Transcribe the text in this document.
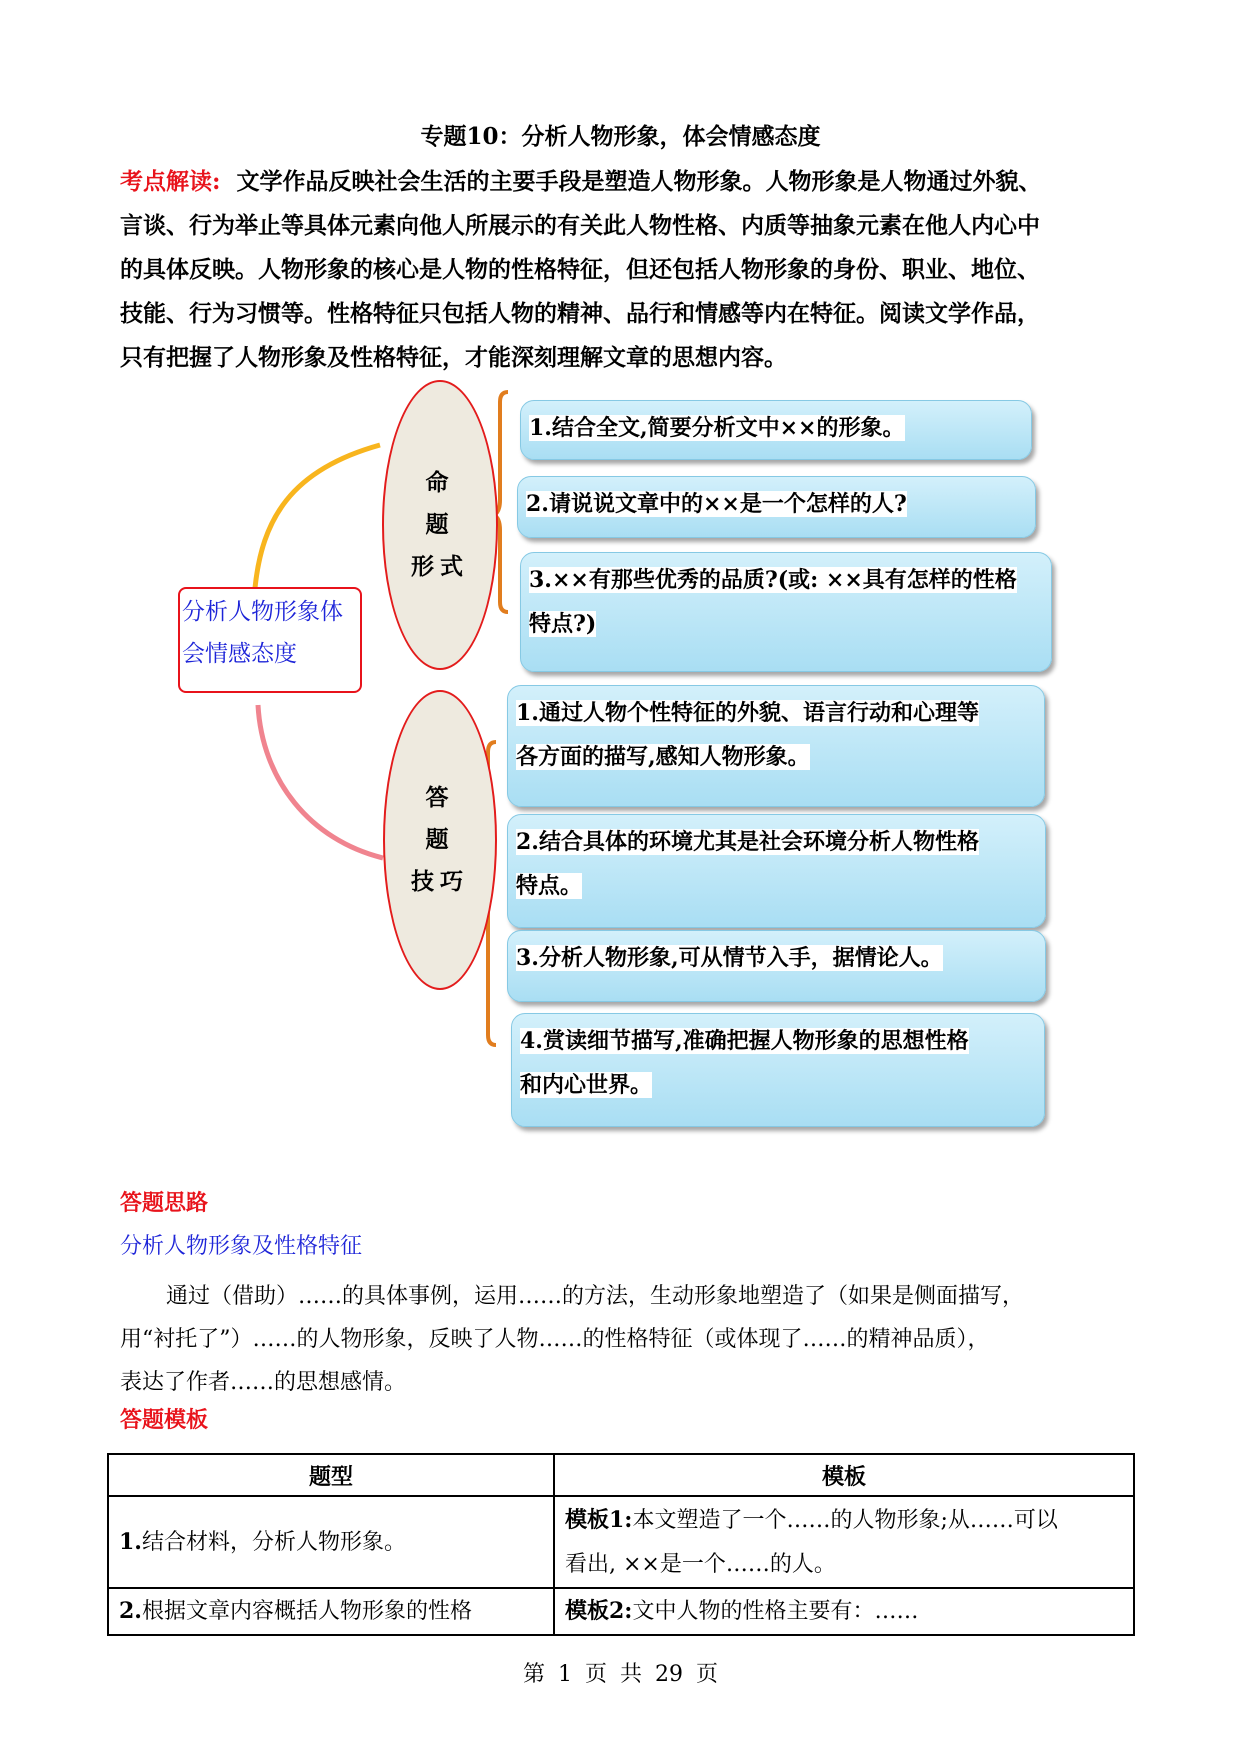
专题10：分析人物形象，体会情感态度
考点解读: 文学作品反映社会生活的主要手段是塑造人物形象。人物形象是人物通过外貌、
言谈、行为举止等具体元素向他人所展示的有关此人物性格、内质等抽象元素在他人内心中
的具体反映。人物形象的核心是人物的性格特征，但还包括人物形象的身份、职业、地位、
技能、行为习惯等。性格特征只包括人物的精神、品行和情感等内在特征。阅读文学作品，
只有把握了人物形象及性格特征，才能深刻理解文章的思想内容。
分析人物形象体
会情感态度
命 题
形式
答 题
技巧
1.结合全文,简要分析文中××的形象。
2.请说说文章中的××是一个怎样的人?
3.××有那些优秀的品质?(或: ××具有怎样的性格
特点?)
1.通过人物个性特征的外貌、语言行动和心理等
各方面的描写,感知人物形象。
2.结合具体的环境尤其是社会环境分析人物性格
特点。
3.分析人物形象,可从情节入手，据情论人。
4.赏读细节描写,准确把握人物形象的思想性格
和内心世界。
答题思路
分析人物形象及性格特征
通过（借助）……的具体事例，运用……的方法，生动形象地塑造了（如果是侧面描写，
用“衬托了”）……的人物形象，反映了人物……的性格特征（或体现了……的精神品质），
表达了作者……的思想感情。
答题模板
题型	模板
1.结合材料，分析人物形象。	模板1:本文塑造了一个……的人物形象;从……可以
看出, ××是一个……的人。
2.根据文章内容概括人物形象的性格	模板2:文中人物的性格主要有：……
第 1 页 共 29 页
